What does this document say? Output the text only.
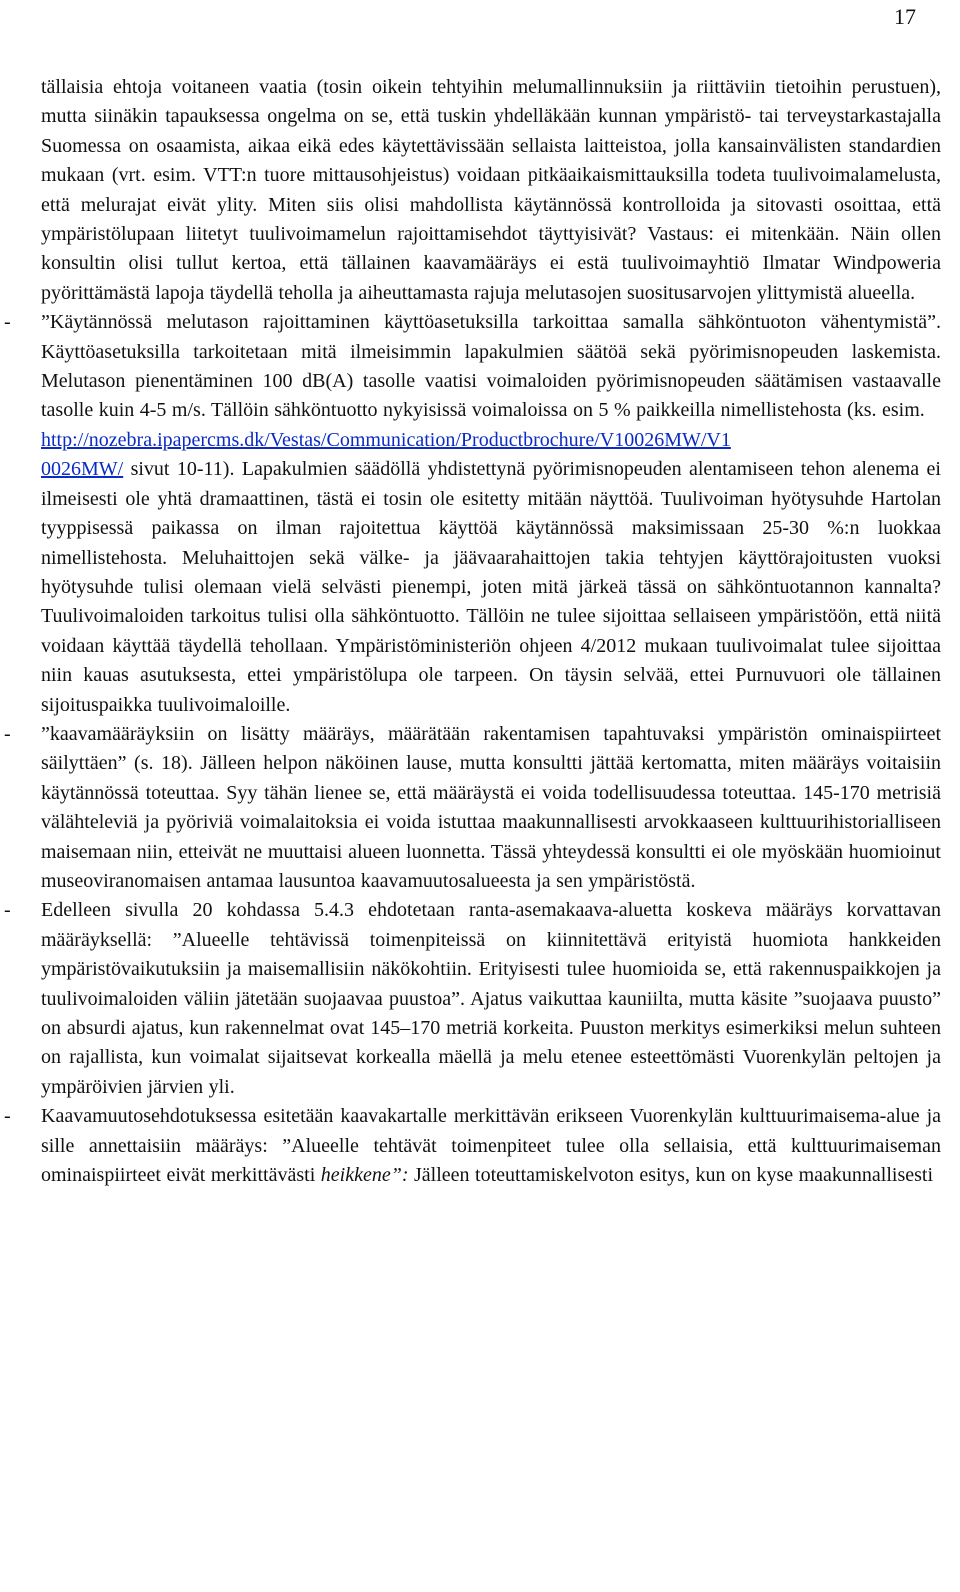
17

tällaisia ehtoja voitaneen vaatia (tosin oikein tehtyihin melumallinnuksiin ja riittäviin tietoihin perustuen), mutta siinäkin tapauksessa ongelma on se, että tuskin yhdelläkään kunnan ympäristö- tai terveystarkastajalla Suomessa on osaamista, aikaa eikä edes käytettävissään sellaista laitteistoa, jolla kansainvälisten standardien mukaan (vrt. esim. VTT:n tuore mittausohjeistus) voidaan pitkäaikaismittauksilla todeta tuulivoimalamelusta, että melurajat eivät ylity. Miten siis olisi mahdollista käytännössä kontrolloida ja sitovasti osoittaa, että ympäristölupaan liitetyt tuulivoimamelun rajoittamisehdot täyttyisivät? Vastaus: ei mitenkään. Näin ollen konsultin olisi tullut kertoa, että tällainen kaavamääräys ei estä tuulivoimayhtiö Ilmatar Windpoweria pyörittämästä lapoja täydellä teholla ja aiheuttamasta rajuja melutasojen suositusarvojen ylittymistä alueella.

- ”Käytännössä melutason rajoittaminen käyttöasetuksilla tarkoittaa samalla sähköntuoton vähentymistä”. Käyttöasetuksilla tarkoitetaan mitä ilmeisimmin lapakulmien säätöä sekä pyörimisnopeuden laskemista. Melutason pienentäminen 100 dB(A) tasolle vaatisi voimaloiden pyörimisnopeuden säätämisen vastaavalle tasolle kuin 4-5 m/s. Tällöin sähköntuotto nykyisissä voimaloissa on 5 % paikkeilla nimellistehosta (ks. esim.
http://nozebra.ipapercms.dk/Vestas/Communication/Productbrochure/V10026MW/V1
0026MW/ sivut 10-11). Lapakulmien säädöllä yhdistettynä pyörimisnopeuden alentamiseen tehon alenema ei ilmeisesti ole yhtä dramaattinen, tästä ei tosin ole esitetty mitään näyttöä. Tuulivoiman hyötysuhde Hartolan tyyppisessä paikassa on ilman rajoitettua käyttöä käytännössä maksimissaan 25-30 %:n luokkaa nimellistehosta. Meluhaittojen sekä välke- ja jäävaarahaittojen takia tehtyjen käyttörajoitusten vuoksi hyötysuhde tulisi olemaan vielä selvästi pienempi, joten mitä järkeä tässä on sähköntuotannon kannalta? Tuulivoimaloiden tarkoitus tulisi olla sähköntuotto. Tällöin ne tulee sijoittaa sellaiseen ympäristöön, että niitä voidaan käyttää täydellä tehollaan. Ympäristöministeriön ohjeen 4/2012 mukaan tuulivoimalat tulee sijoittaa niin kauas asutuksesta, ettei ympäristölupa ole tarpeen. On täysin selvää, ettei Purnuvuori ole tällainen sijoituspaikka tuulivoimaloille.
- ”kaavamääräyksiin on lisätty määräys, määrätään rakentamisen tapahtuvaksi ympäristön ominaispiirteet säilyttäen” (s. 18). Jälleen helpon näköinen lause, mutta konsultti jättää kertomatta, miten määräys voitaisiin käytännössä toteuttaa. Syy tähän lienee se, että määräystä ei voida todellisuudessa toteuttaa. 145-170 metrisiä välähteleviä ja pyöriviä voimalaitoksia ei voida istuttaa maakunnallisesti arvokkaaseen kulttuurihistorialliseen maisemaan niin, etteivät ne muuttaisi alueen luonnetta. Tässä yhteydessä konsultti ei ole myöskään huomioinut museoviranomaisen antamaa lausuntoa kaavamuutosalueesta ja sen ympäristöstä.
- Edelleen sivulla 20 kohdassa 5.4.3 ehdotetaan ranta-asemakaava-aluetta koskeva määräys korvattavan määräyksellä: ”Alueelle tehtävissä toimenpiteissä on kiinnitettävä erityistä huomiota hankkeiden ympäristövaikutuksiin ja maisemallisiin näkökohtiin. Erityisesti tulee huomioida se, että rakennuspaikkojen ja tuulivoimaloiden väliin jätetään suojaavaa puustoa”. Ajatus vaikuttaa kauniilta, mutta käsite ”suojaava puusto” on absurdi ajatus, kun rakennelmat ovat 145–170 metriä korkeita. Puuston merkitys esimerkiksi melun suhteen on rajallista, kun voimalat sijaitsevat korkealla mäellä ja melu etenee esteettömästi Vuorenkylän peltojen ja ympäröivien järvien yli.
- Kaavamuutosehdotuksessa esitetään kaavakartalle merkittävän erikseen Vuorenkylän kulttuurimaisema-alue ja sille annettaisiin määräys: ”Alueelle tehtävät toimenpiteet tulee olla sellaisia, että kulttuurimaiseman ominaispiirteet eivät merkittävästi heikkene”: Jälleen toteuttamiskelvoton esitys, kun on kyse maakunnallisesti
